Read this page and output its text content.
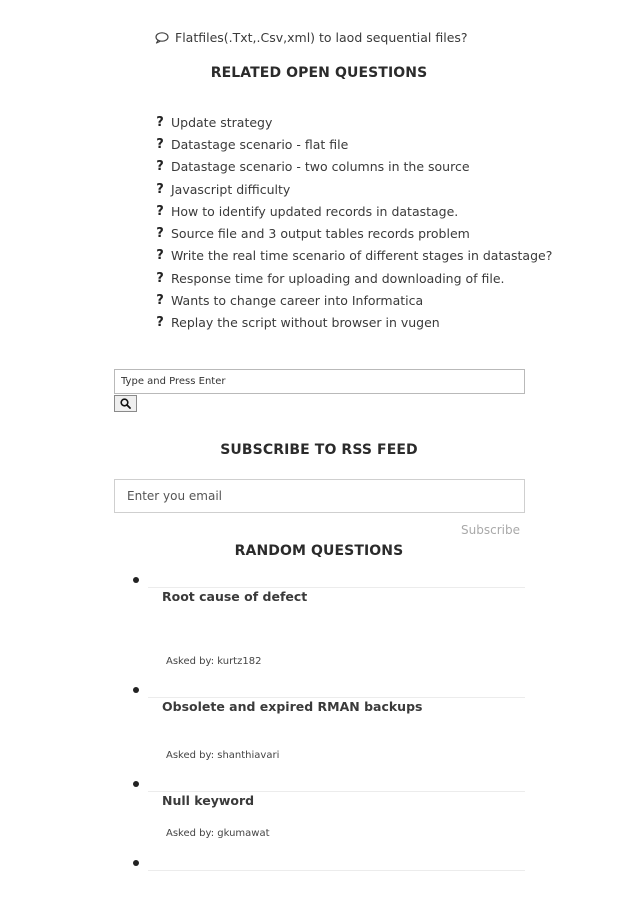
Flatfiles(.Txt,.Csv,xml) to laod sequential files?
RELATED OPEN QUESTIONS
? Update strategy
? Datastage scenario - flat file
? Datastage scenario - two columns in the source
? Javascript difficulty
? How to identify updated records in datastage.
? Source file and 3 output tables records problem
? Write the real time scenario of different stages in datastage?
? Response time for uploading and downloading of file.
? Wants to change career into Informatica
? Replay the script without browser in vugen
Type and Press Enter
SUBSCRIBE TO RSS FEED
Enter you email
Subscribe
RANDOM QUESTIONS
Root cause of defect
Asked by: kurtz182
Obsolete and expired RMAN backups
Asked by: shanthiavari
Null keyword
Asked by: gkumawat
